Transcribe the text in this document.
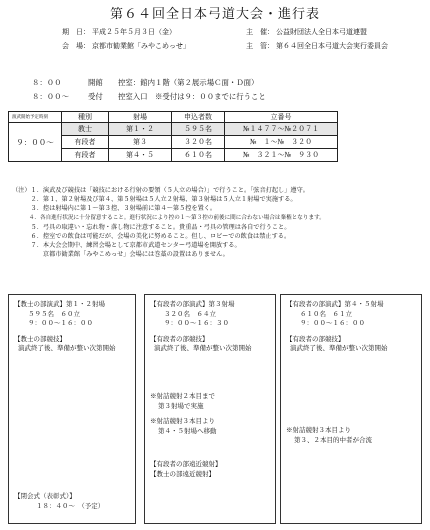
第６４回全日本弓道大会・進行表
期　日： 平成２５年５月３日（金）
会　場： 京都市勧業館「みやこめっせ」
主　催： 公益財団法人全日本弓道連盟
主　管： 第６４回全日本弓道大会実行委員会
８：００	開館 控室：館内１階（第２展示場Ｃ面・Ｄ面）
８：００～	受付 控室入口　※受付は９：００までに行うこと
演武開始予定時刻	種別	射場	申込者数	立番号
９：００～	教士	第１・２	５９５名	№１４７７～№２０７１
	有段者	第３	３２０名	№　１～№　３２０
	有段者	第４・５	６１０名	№　３２１～№　９３０
（注）１．演武及び競技は「競技における行射の要領（５人立の場合）」で行うこと。「弦音打起し」遵守。
　　　２．第１、第２射場及び第４、第５射場は５人立２射場、第３射場は５人立１射場で実施する。
　　　３．控は射場内に第１～第３控、３射場前に第４～第５控を置く。
　　　４．各自進行状況に十分留意すること。進行状況により控の１～第３控の前後に間に合わない場合は棄権となります。
　　　５．弓具の取違い・忘れ物・落し物に注意すること。貴重品・弓具の管理は各自で行うこと。
　　　６．控室での飲食は可能だが、会場の美化に努めること。但し、ロビーでの飲食は禁止する。
　　　７．本大会会期中、練習会場として京都市武道センター弓道場を開放する。
　　　　　京都市勧業館「みやこめっせ」会場には巻藁の設置はありません。
【教士の部演武】第１・２射場
５９５名　６０立
９：００～１６：００
【教士の部競技】
演武終了後、準備が整い次第開始
【閉会式（表彰式）】
１８：４０～　（予定）
【有段者の部演武】第３射場
３２０名　６４立
９：００～１６：３０
【有段者の部競技】
演武終了後、準備が整い次第開始
※射詰競射２本目まで
第３射場で実施
※射詰競射３本目より
第４・５射場へ移動
【有段者の部遠近競射】
【教士の部遠近競射】
【有段者の部演武】第４・５射場
６１０名　６１立
９：００～１６：００
【有段者の部競技】
演武終了後、準備が整い次第開始
※射詰競射３本目より
第３、２本目的中者が合流
